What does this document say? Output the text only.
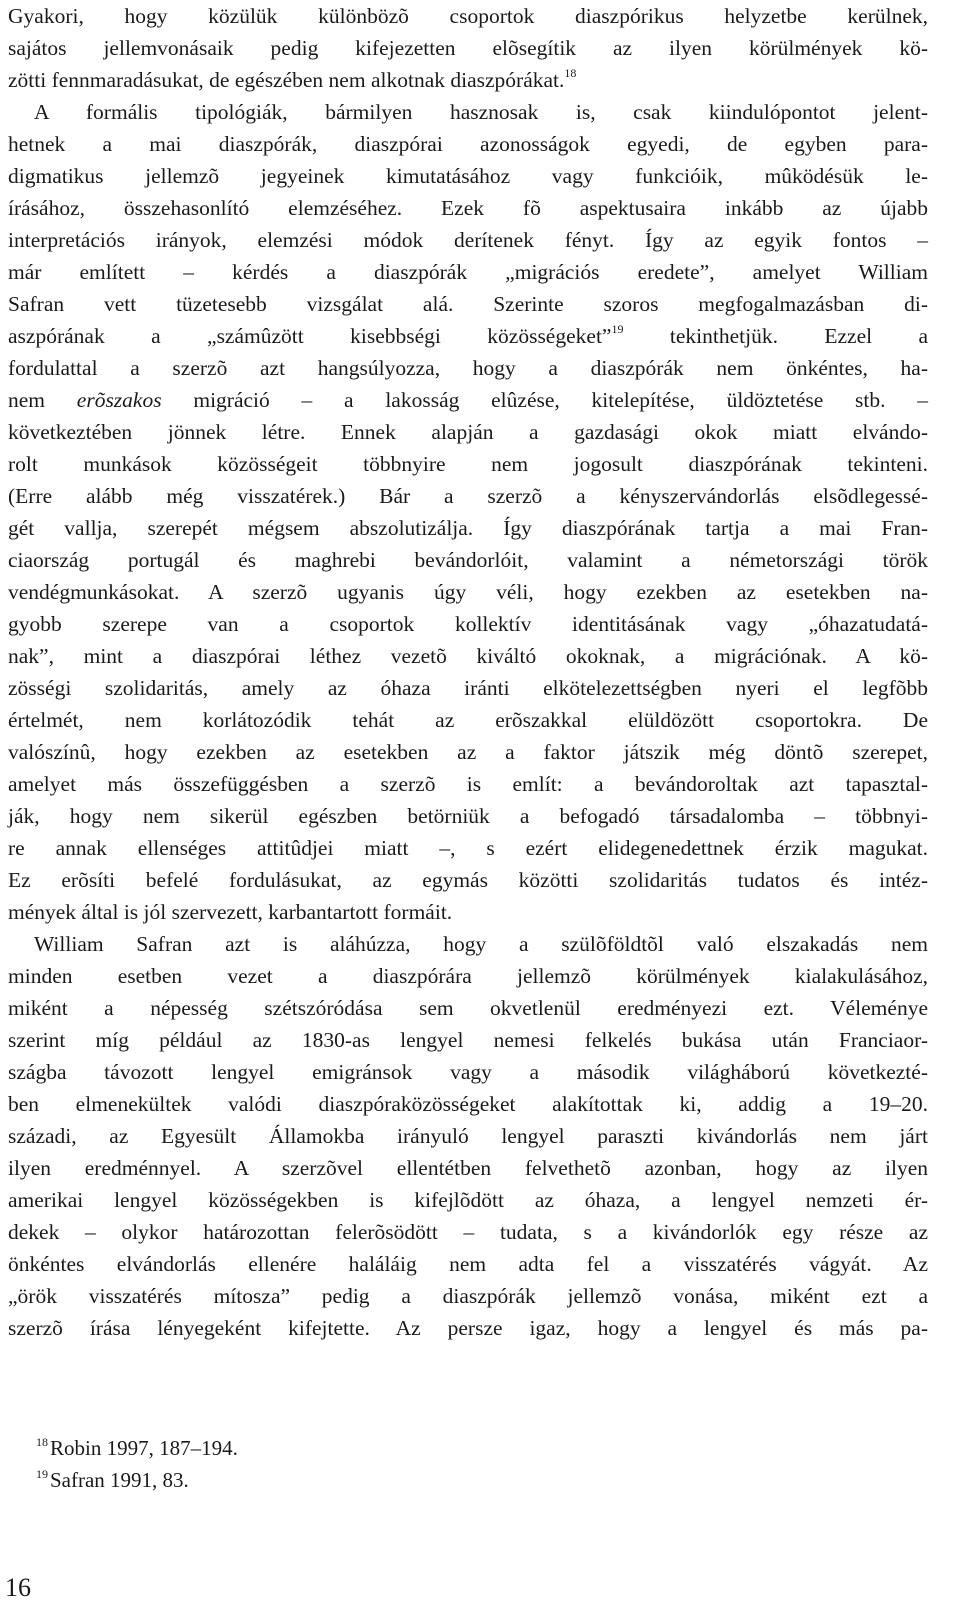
Gyakori, hogy közülük különbözõ csoportok diaszpórikus helyzetbe kerülnek,
sajátos jellemvonásaik pedig kifejezetten elõsegítik az ilyen körülmények kö-
zötti fennmaradásukat, de egészében nem alkotnak diaszpórákat.$^{18}$
A formális tipológiák, bármilyen hasznosak is, csak kiindulópontot jelent-
hetnek a mai diaszpórák, diaszpórai azonosságok egyedi, de egyben para-
digmatikus jellemzõ jegyeinek kimutatásához vagy funkcióik, mûködésük le-
írásához, összehasonlító elemzéséhez. Ezek fõ aspektusaira inkább az újabb
interpretációs irányok, elemzési módok derítenek fényt. Így az egyik fontos –
már említett – kérdés a diaszpórák „migrációs eredete”, amelyet William
Safran vett tüzetesebb vizsgálat alá. Szerinte szoros megfogalmazásban di-
aszpórának a „számûzött kisebbségi közösségeket”$^{19}$ tekinthetjük. Ezzel a
fordulattal a szerzõ azt hangsúlyozza, hogy a diaszpórák nem önkéntes, ha-
nem erõszakos migráció – a lakosság elûzése, kitelepítése, üldöztetése stb. –
következtében jönnek létre. Ennek alapján a gazdasági okok miatt elvándo-
rolt munkások közösségeit többnyire nem jogosult diaszpórának tekinteni.
(Erre alább még visszatérek.) Bár a szerzõ a kényszervándorlás elsõdlegessé-
gét vallja, szerepét mégsem abszolutizálja. Így diaszpórának tartja a mai Fran-
ciaország portugál és maghrebi bevándorlóit, valamint a németországi török
vendégmunkásokat. A szerzõ ugyanis úgy véli, hogy ezekben az esetekben na-
gyobb szerepe van a csoportok kollektív identitásának vagy „óhazatudatá-
nak”, mint a diaszpórai léthez vezetõ kiváltó okoknak, a migrációnak. A kö-
zösségi szolidaritás, amely az óhaza iránti elkötelezettségben nyeri el legfõbb
értelmét, nem korlátozódik tehát az erõszakkal elüldözött csoportokra. De
valószínû, hogy ezekben az esetekben az a faktor játszik még döntõ szerepet,
amelyet más összefüggésben a szerzõ is említ: a bevándoroltak azt tapasztal-
ják, hogy nem sikerül egészben betörniük a befogadó társadalomba – többnyi-
re annak ellenséges attitûdjei miatt –, s ezért elidegenedettnek érzik magukat.
Ez erõsíti befelé fordulásukat, az egymás közötti szolidaritás tudatos és intéz-
mények által is jól szervezett, karbantartott formáit.
William Safran azt is aláhúzza, hogy a szülõföldtõl való elszakadás nem
minden esetben vezet a diaszpórára jellemzõ körülmények kialakulásához,
miként a népesség szétszóródása sem okvetlenül eredményezi ezt. Véleménye
szerint míg például az 1830-as lengyel nemesi felkelés bukása után Franciaor-
szágba távozott lengyel emigránsok vagy a második világháború következté-
ben elmenekültek valódi diaszpóraközösségeket alakítottak ki, addig a 19–20.
századi, az Egyesült Államokba irányuló lengyel paraszti kivándorlás nem járt
ilyen eredménnyel. A szerzõvel ellentétben felvethetõ azonban, hogy az ilyen
amerikai lengyel közösségekben is kifejlõdött az óhaza, a lengyel nemzeti ér-
dekek – olykor határozottan felerõsödött – tudata, s a kivándorlók egy része az
önkéntes elvándorlás ellenére haláláig nem adta fel a visszatérés vágyát. Az
„örök visszatérés mítosza” pedig a diaszpórák jellemzõ vonása, miként ezt a
szerzõ írása lényegeként kifejtette. Az persze igaz, hogy a lengyel és más pa-
$^{18}$Robin 1997, 187–194.
$^{19}$Safran 1991, 83.
16
